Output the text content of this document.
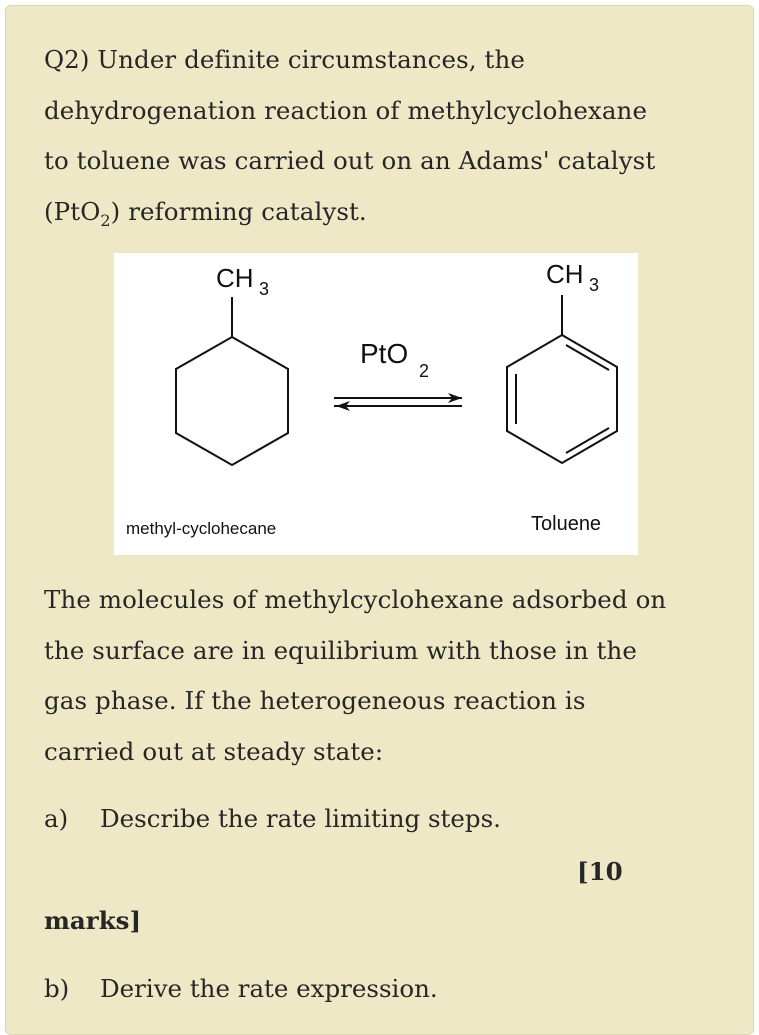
Q2) Under definite circumstances, the
dehydrogenation reaction of methylcyclohexane
to toluene was carried out on an Adams' catalyst
(PtO$_2$) reforming catalyst.

CH 3
PtO
2
CH 3
methyl-cyclohecane	Toluene

The molecules of methylcyclohexane adsorbed on
the surface are in equilibrium with those in the
gas phase. If the heterogeneous reaction is
carried out at steady state:

a) Describe the rate limiting steps.
[10
marks]
b) Derive the rate expression.
